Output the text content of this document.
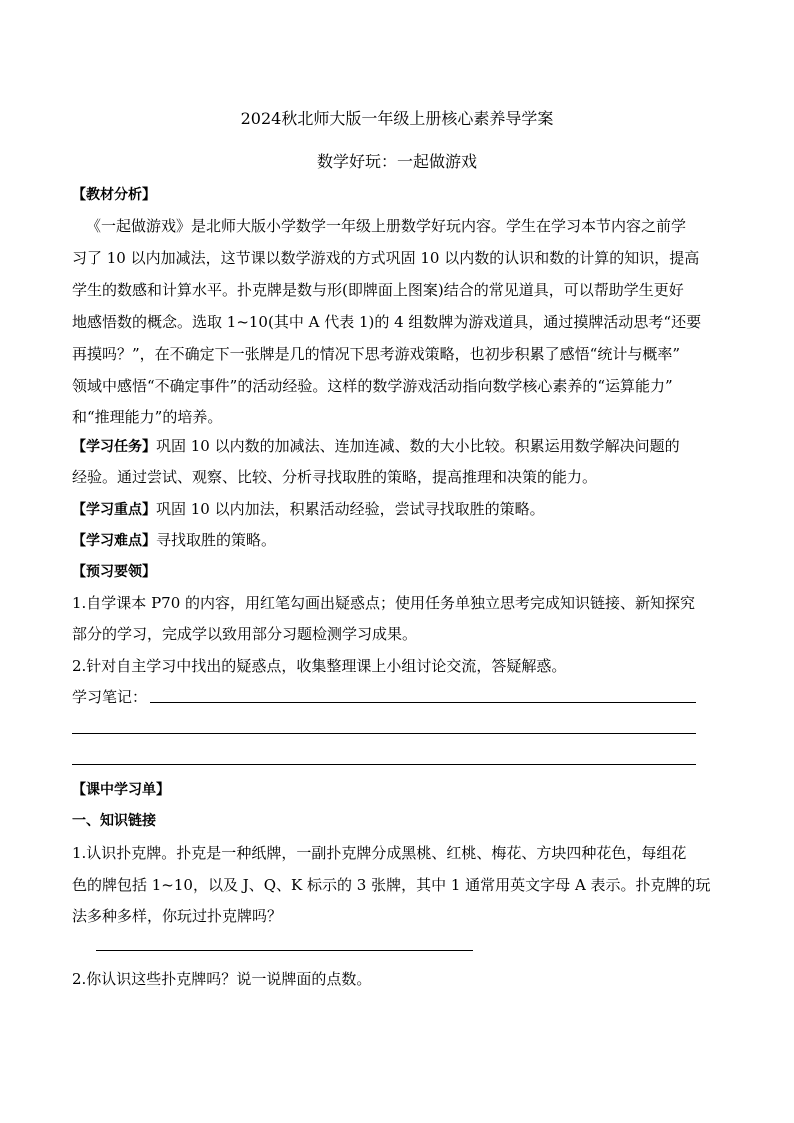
2024秋北师大版一年级上册核心素养导学案
数学好玩：一起做游戏
【教材分析】
《一起做游戏》是北师大版小学数学一年级上册数学好玩内容。学生在学习本节内容之前学
习了 10 以内加减法，这节课以数学游戏的方式巩固 10 以内数的认识和数的计算的知识，提高
学生的数感和计算水平。扑克牌是数与形(即牌面上图案)结合的常见道具，可以帮助学生更好
地感悟数的概念。选取 1~10(其中 A 代表 1)的 4 组数牌为游戏道具，通过摸牌活动思考“还要
再摸吗？”，在不确定下一张牌是几的情况下思考游戏策略，也初步积累了感悟“统计与概率”
领域中感悟“不确定事件”的活动经验。这样的数学游戏活动指向数学核心素养的“运算能力”
和“推理能力”的培养。
【学习任务】巩固 10 以内数的加减法、连加连减、数的大小比较。积累运用数学解决问题的
经验。通过尝试、观察、比较、分析寻找取胜的策略，提高推理和决策的能力。
【学习重点】巩固 10 以内加法，积累活动经验，尝试寻找取胜的策略。
【学习难点】寻找取胜的策略。
【预习要领】
1.自学课本 P70 的内容，用红笔勾画出疑惑点；使用任务单独立思考完成知识链接、新知探究
部分的学习，完成学以致用部分习题检测学习成果。
2.针对自主学习中找出的疑惑点，收集整理课上小组讨论交流，答疑解惑。
学习笔记：
【课中学习单】
一、知识链接
1.认识扑克牌。扑克是一种纸牌，一副扑克牌分成黑桃、红桃、梅花、方块四种花色，每组花
色的牌包括 1~10，以及 J、Q、K 标示的 3 张牌，其中 1 通常用英文字母 A 表示。扑克牌的玩
法多种多样，你玩过扑克牌吗？
2.你认识这些扑克牌吗？说一说牌面的点数。
